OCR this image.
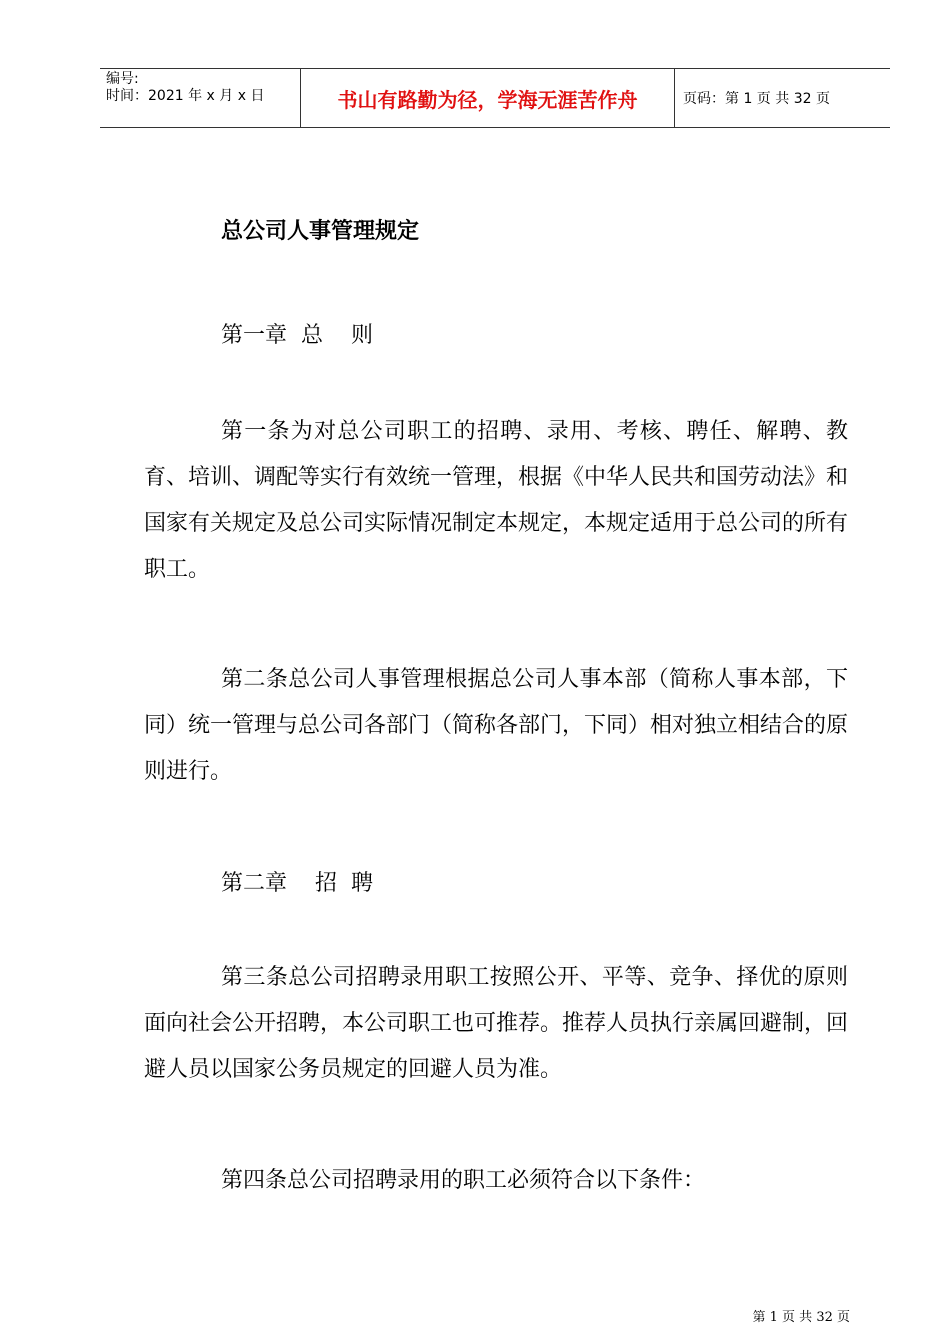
编号:
时间：2021 年 x 月 x 日	书山有路勤为径，学海无涯苦作舟	页码：第 1 页 共 32 页
总公司人事管理规定
第一章  总    则
第一条为对总公司职工的招聘、录用、考核、聘任、解聘、教育、培训、调配等实行有效统一管理，根据《中华人民共和国劳动法》和国家有关规定及总公司实际情况制定本规定，本规定适用于总公司的所有职工。
第二条总公司人事管理根据总公司人事本部（简称人事本部，下同）统一管理与总公司各部门（简称各部门，下同）相对独立相结合的原则进行。
第二章    招  聘
第三条总公司招聘录用职工按照公开、平等、竞争、择优的原则面向社会公开招聘，本公司职工也可推荐。推荐人员执行亲属回避制，回避人员以国家公务员规定的回避人员为准。
第四条总公司招聘录用的职工必须符合以下条件：
第 1 页 共 32 页
